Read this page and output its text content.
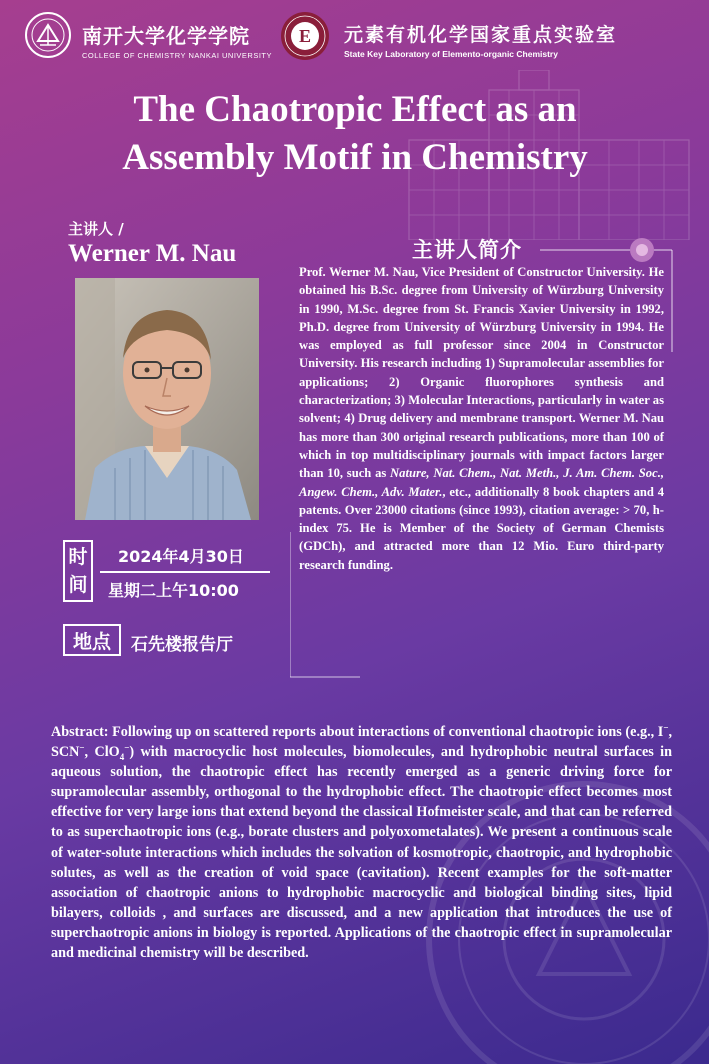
南开大学化学学院
COLLEGE OF CHEMISTRY NANKAI UNIVERSITY
E 元素有机化学国家重点实验室
State Key Laboratory of Elemento-organic Chemistry
The Chaotropic Effect as an
Assembly Motif in Chemistry
主讲人 /
Werner M. Nau
时
间
2024年4月30日
星期二上午10:00
地点	石先楼报告厅
主讲人简介
Prof. Werner M. Nau, Vice President of Constructor University. He obtained his B.Sc. degree from University of Würzburg University in 1990, M.Sc. degree from St. Francis Xavier University in 1992, Ph.D. degree from University of Würzburg University in 1994. He was employed as full professor since 2004 in Constructor University. His research including 1) Supramolecular assemblies for applications; 2) Organic fluorophores synthesis and characterization; 3) Molecular Interactions, particularly in water as solvent; 4) Drug delivery and membrane transport. Werner M. Nau has more than 300 original research publications, more than 100 of which in top multidisciplinary journals with impact factors larger than 10, such as Nature, Nat. Chem., Nat. Meth., J. Am. Chem. Soc., Angew. Chem., Adv. Mater., etc., additionally 8 book chapters and 4 patents. Over 23000 citations (since 1993), citation average: > 70, h-index 75. He is Member of the Society of German Chemists (GDCh), and attracted more than 12 Mio. Euro third-party research funding.
Abstract: Following up on scattered reports about interactions of conventional chaotropic ions (e.g., I−, SCN−, ClO$_4$−) with macrocyclic host molecules, biomolecules, and hydrophobic neutral surfaces in aqueous solution, the chaotropic effect has recently emerged as a generic driving force for supramolecular assembly, orthogonal to the hydrophobic effect. The chaotropic effect becomes most effective for very large ions that extend beyond the classical Hofmeister scale, and that can be referred to as superchaotropic ions (e.g., borate clusters and polyoxometalates). We present a continuous scale of water-solute interactions which includes the solvation of kosmotropic, chaotropic, and hydrophobic solutes, as well as the creation of void space (cavitation). Recent examples for the soft-matter association of chaotropic anions to hydrophobic macrocyclic and biological binding sites, lipid bilayers, colloids , and surfaces are discussed, and a new application that introduces the use of superchaotropic anions in biology is reported. Applications of the chaotropic effect in supramolecular and medicinal chemistry will be described.
